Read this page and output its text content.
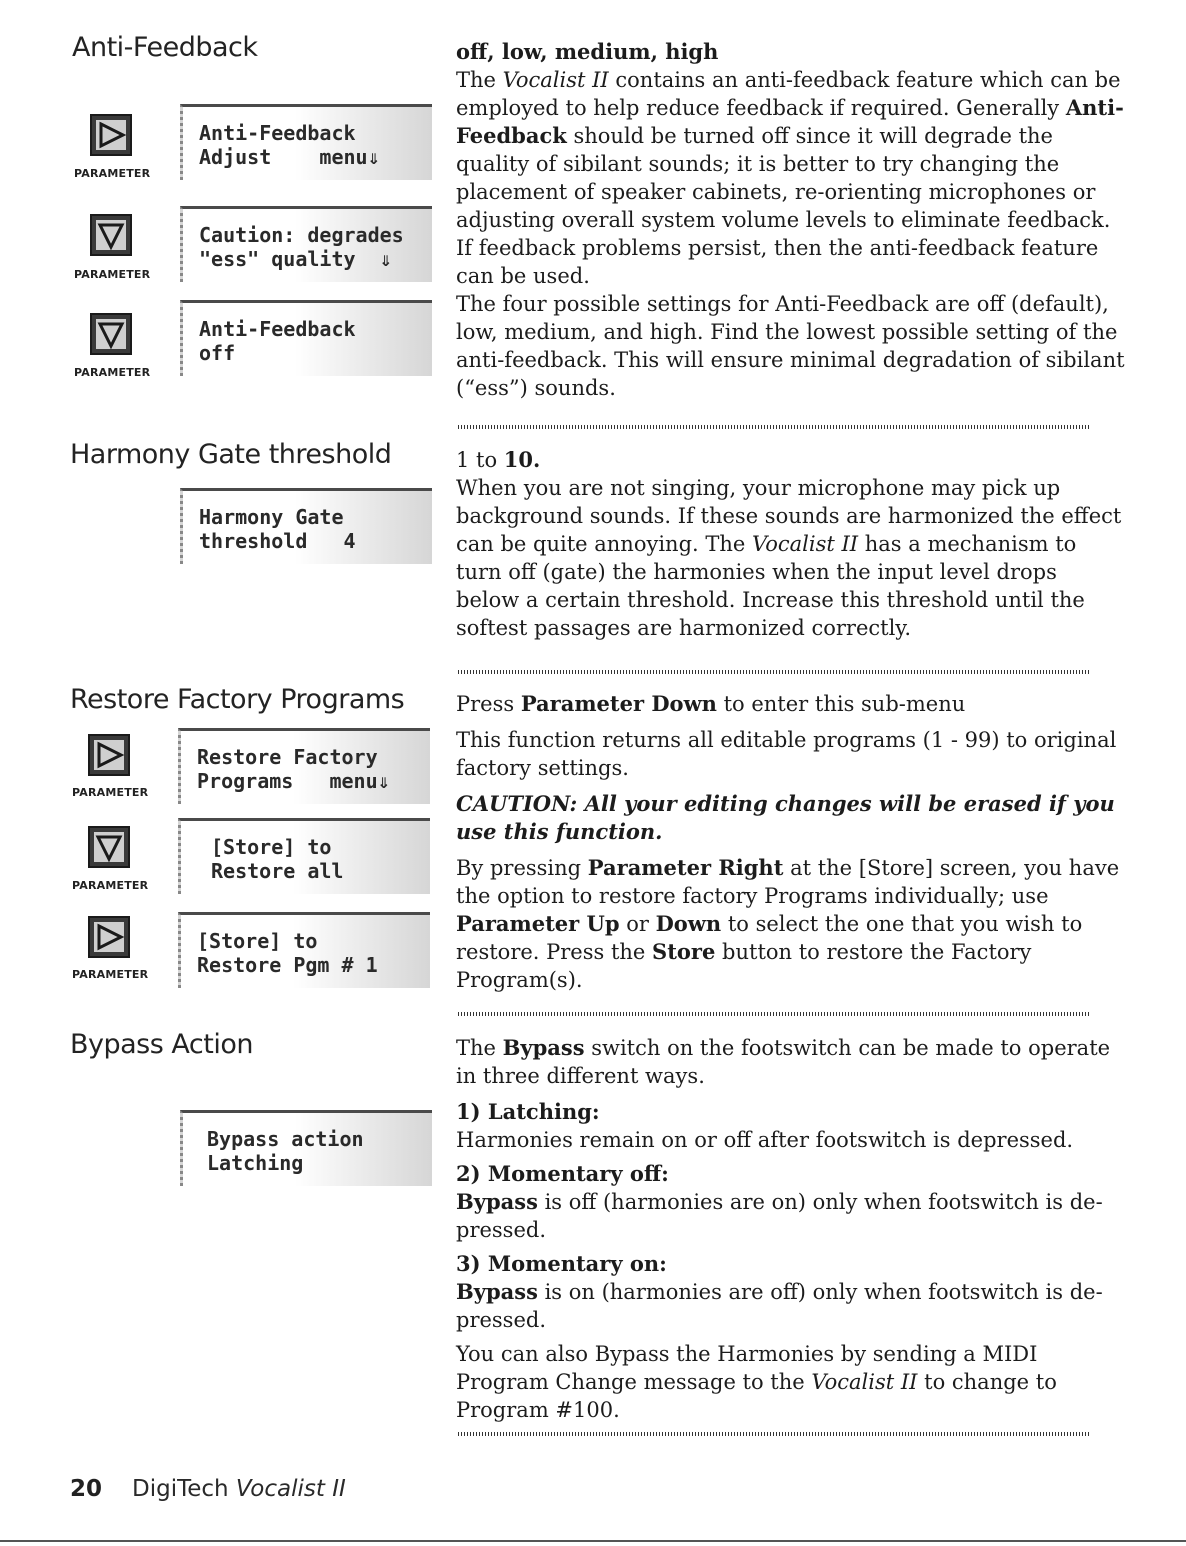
Anti-Feedback
Harmony Gate threshold
Restore Factory Programs
Bypass Action
PARAMETER
Anti-Feedback
Adjust    menu⇓
PARAMETER
Caution: degrades
"ess" quality  ⇓
PARAMETER
Anti-Feedback
off
Harmony Gate
threshold   4
PARAMETER
Restore Factory
Programs   menu⇓
PARAMETER
[Store] to
Restore all
PARAMETER
[Store] to
Restore Pgm # 1
Bypass action
Latching

off, low, medium, high

The Vocalist II contains an anti-feedback feature which can be employed to help reduce feedback if required. Generally Anti-Feedback should be turned off since it will degrade the quality of sibilant sounds; it is better to try changing the placement of speaker cabinets, re-orienting microphones or adjusting overall system volume levels to eliminate feedback.

If feedback problems persist, then the anti-feedback feature can be used.

The four possible settings for Anti-Feedback are off (default), low, medium, and high. Find the lowest possible setting of the anti-feedback. This will ensure minimal degradation of sibilant (“ess”) sounds.

1 to 10.

When you are not singing, your microphone may pick up background sounds. If these sounds are harmonized the effect can be quite annoying. The Vocalist II has a mechanism to turn off (gate) the harmonies when the input level drops below a certain threshold. Increase this threshold until the softest passages are harmonized correctly.

Press Parameter Down to enter this sub-menu

This function returns all editable programs (1 - 99) to original factory settings.

CAUTION: All your editing changes will be erased if you use this function.

By pressing Parameter Right at the [Store] screen, you have the option to restore factory Programs individually; use Parameter Up or Down to select the one that you wish to restore. Press the Store button to restore the Factory Program(s).

The Bypass switch on the footswitch can be made to operate in three different ways.

1) Latching:

Harmonies remain on or off after footswitch is depressed.

2) Momentary off:

Bypass is off (harmonies are on) only when footswitch is de-pressed.

3) Momentary on:

Bypass is on (harmonies are off) only when footswitch is de-pressed.

You can also Bypass the Harmonies by sending a MIDI Program Change message to the Vocalist II to change to Program #100.

20 DigiTech Vocalist II
